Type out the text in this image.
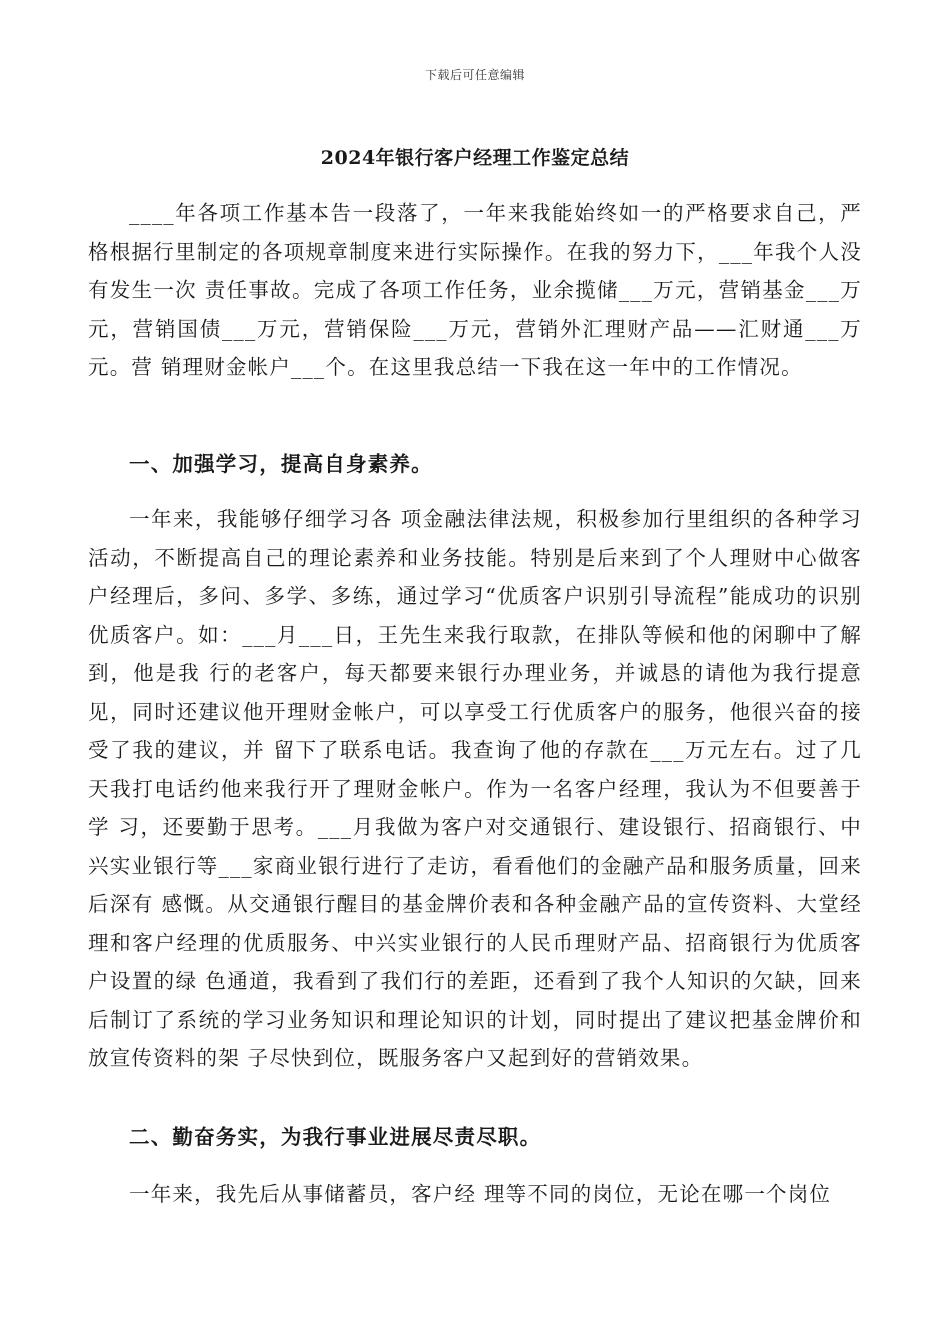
下载后可任意编辑
2024年银行客户经理工作鉴定总结

____年各项工作基本告一段落了，一年来我能始终如一的严格要求自己，严格根据行里制定的各项规章制度来进行实际操作。在我的努力下，___年我个人没有发生一次 责任事故。完成了各项工作任务，业余揽储___万元，营销基金___万元，营销国债___万元，营销保险___万元，营销外汇理财产品——汇财通___万元。营 销理财金帐户___个。在这里我总结一下我在这一年中的工作情况。

一、加强学习，提高自身素养。

一年来，我能够仔细学习各 项金融法律法规，积极参加行里组织的各种学习活动，不断提高自己的理论素养和业务技能。特别是后来到了个人理财中心做客户经理后，多问、多学、多练，通过学习“优质客户识别引导流程”能成功的识别优质客户。如：___月___日，王先生来我行取款，在排队等候和他的闲聊中了解到，他是我 行的老客户，每天都要来银行办理业务，并诚恳的请他为我行提意见，同时还建议他开理财金帐户，可以享受工行优质客户的服务，他很兴奋的接受了我的建议，并 留下了联系电话。我查询了他的存款在___万元左右。过了几天我打电话约他来我行开了理财金帐户。作为一名客户经理，我认为不但要善于学 习，还要勤于思考。___月我做为客户对交通银行、建设银行、招商银行、中兴实业银行等___家商业银行进行了走访，看看他们的金融产品和服务质量，回来后深有 感慨。从交通银行醒目的基金牌价表和各种金融产品的宣传资料、大堂经理和客户经理的优质服务、中兴实业银行的人民币理财产品、招商银行为优质客户设置的绿 色通道，我看到了我们行的差距，还看到了我个人知识的欠缺，回来后制订了系统的学习业务知识和理论知识的计划，同时提出了建议把基金牌价和放宣传资料的架 子尽快到位，既服务客户又起到好的营销效果。

二、勤奋务实，为我行事业进展尽责尽职。

一年来，我先后从事储蓄员，客户经 理等不同的岗位，无论在哪一个岗位
